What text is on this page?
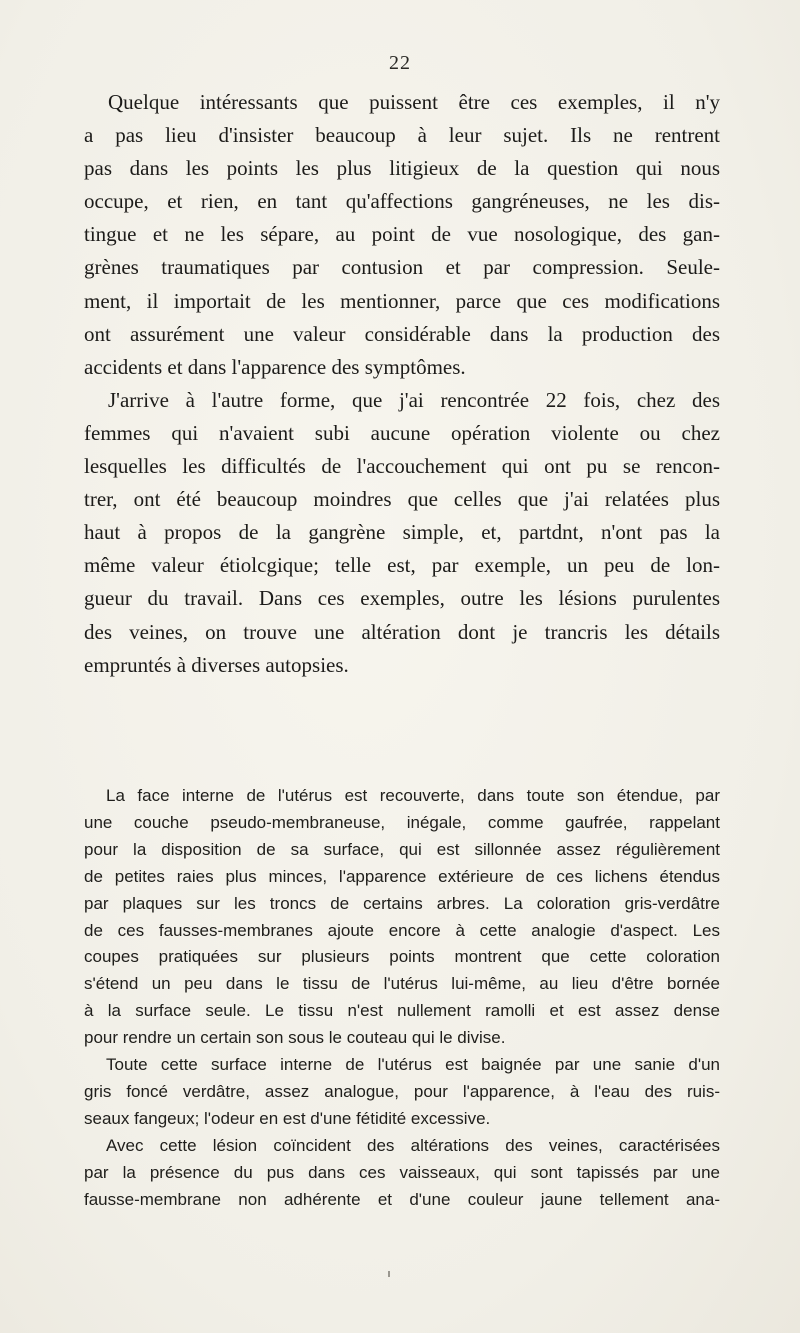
22

Quelque intéressants que puissent être ces exemples, il n'y
a pas lieu d'insister beaucoup à leur sujet. Ils ne rentrent
pas dans les points les plus litigieux de la question qui nous
occupe, et rien, en tant qu'affections gangréneuses, ne les dis-
tingue et ne les sépare, au point de vue nosologique, des gan-
grènes traumatiques par contusion et par compression. Seule-
ment, il importait de les mentionner, parce que ces modifications
ont assurément une valeur considérable dans la production des
accidents et dans l'apparence des symptômes.

J'arrive à l'autre forme, que j'ai rencontrée 22 fois, chez des
femmes qui n'avaient subi aucune opération violente ou chez
lesquelles les difficultés de l'accouchement qui ont pu se rencon-
trer, ont été beaucoup moindres que celles que j'ai relatées plus
haut à propos de la gangrène simple, et, partdnt, n'ont pas la
même valeur étiolcgique; telle est, par exemple, un peu de lon-
gueur du travail. Dans ces exemples, outre les lésions purulentes
des veines, on trouve une altération dont je trancris les détails
empruntés à diverses autopsies.

La face interne de l'utérus est recouverte, dans toute son étendue, par
une couche pseudo-membraneuse, inégale, comme gaufrée, rappelant
pour la disposition de sa surface, qui est sillonnée assez régulièrement
de petites raies plus minces, l'apparence extérieure de ces lichens étendus
par plaques sur les troncs de certains arbres. La coloration gris-verdâtre
de ces fausses-membranes ajoute encore à cette analogie d'aspect. Les
coupes pratiquées sur plusieurs points montrent que cette coloration
s'étend un peu dans le tissu de l'utérus lui-même, au lieu d'être bornée
à la surface seule. Le tissu n'est nullement ramolli et est assez dense
pour rendre un certain son sous le couteau qui le divise.

Toute cette surface interne de l'utérus est baignée par une sanie d'un
gris foncé verdâtre, assez analogue, pour l'apparence, à l'eau des ruis-
seaux fangeux; l'odeur en est d'une fétidité excessive.

Avec cette lésion coïncident des altérations des veines, caractérisées
par la présence du pus dans ces vaisseaux, qui sont tapissés par une
fausse-membrane non adhérente et d'une couleur jaune tellement ana-
